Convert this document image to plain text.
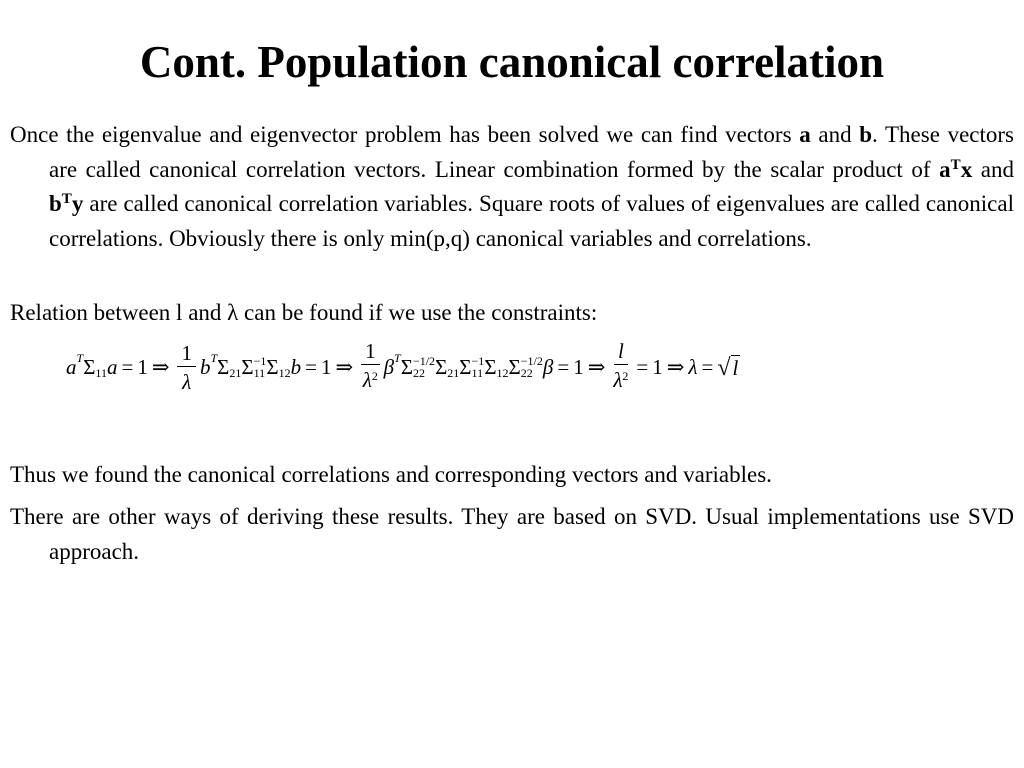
Cont. Population canonical correlation
Once the eigenvalue and eigenvector problem has been solved we can find vectors a and b. These vectors are called canonical correlation vectors. Linear combination formed by the scalar product of $a^Tx$ and $b^Ty$ are called canonical correlation variables. Square roots of values of eigenvalues are called canonical correlations. Obviously there is only min(p,q) canonical variables and correlations.
Relation between l and λ can be found if we use the constraints:
a T Σ 11 a = 1 ⇒ $\frac{1}{\lambda}$ b T Σ 21 Σ −1
11 Σ 12 b = 1 ⇒ $\frac{1}{\lambda^2}$ β T Σ −1/2
22 Σ 21 Σ −1
11 Σ 12 Σ −1/2
22 β = 1 ⇒ $\frac{l}{\lambda^2} = 1$ ⇒ λ = √ l
Thus we found the canonical correlations and corresponding vectors and variables.
There are other ways of deriving these results. They are based on SVD. Usual implementations use SVD approach.
